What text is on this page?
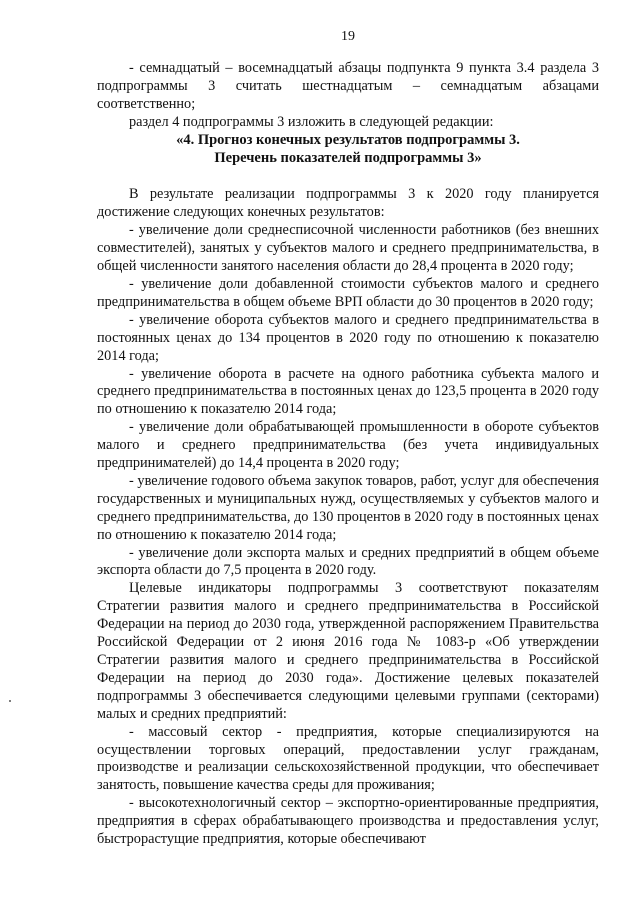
19

- семнадцатый – восемнадцатый абзацы подпункта 9 пункта 3.4 раздела 3 подпрограммы 3 считать шестнадцатым – семнадцатым абзацами соответственно;

раздел 4 подпрограммы 3 изложить в следующей редакции:

«4. Прогноз конечных результатов подпрограммы 3.
Перечень показателей подпрограммы 3»

В результате реализации подпрограммы 3 к 2020 году планируется достижение следующих конечных результатов:

- увеличение доли среднесписочной численности работников (без внешних совместителей), занятых у субъектов малого и среднего предпринимательства, в общей численности занятого населения области до 28,4 процента в 2020 году;

- увеличение доли добавленной стоимости субъектов малого и среднего предпринимательства в общем объеме ВРП области до 30 процентов в 2020 году;

- увеличение оборота субъектов малого и среднего предпринимательства в постоянных ценах до 134 процентов в 2020 году по отношению к показателю 2014 года;

- увеличение оборота в расчете на одного работника субъекта малого и среднего предпринимательства в постоянных ценах до 123,5 процента в 2020 году по отношению к показателю 2014 года;

- увеличение доли обрабатывающей промышленности в обороте субъектов малого и среднего предпринимательства (без учета индивидуальных предпринимателей) до 14,4 процента в 2020 году;

- увеличение годового объема закупок товаров, работ, услуг для обеспечения государственных и муниципальных нужд, осуществляемых у субъектов малого и среднего предпринимательства, до 130 процентов в 2020 году в постоянных ценах по отношению к показателю 2014 года;

- увеличение доли экспорта малых и средних предприятий в общем объеме экспорта области до 7,5 процента в 2020 году.

Целевые индикаторы подпрограммы 3 соответствуют показателям Стратегии развития малого и среднего предпринимательства в Российской Федерации на период до 2030 года, утвержденной распоряжением Правительства Российской Федерации от 2 июня 2016 года № 1083-р «Об утверждении Стратегии развития малого и среднего предпринимательства в Российской Федерации на период до 2030 года». Достижение целевых показателей подпрограммы 3 обеспечивается следующими целевыми группами (секторами) малых и средних предприятий:

- массовый сектор - предприятия, которые специализируются на осуществлении торговых операций, предоставлении услуг гражданам, производстве и реализации сельскохозяйственной продукции, что обеспечивает занятость, повышение качества среды для проживания;

- высокотехнологичный сектор – экспортно-ориентированные предприятия, предприятия в сферах обрабатывающего производства и предоставления услуг, быстрорастущие предприятия, которые обеспечивают
